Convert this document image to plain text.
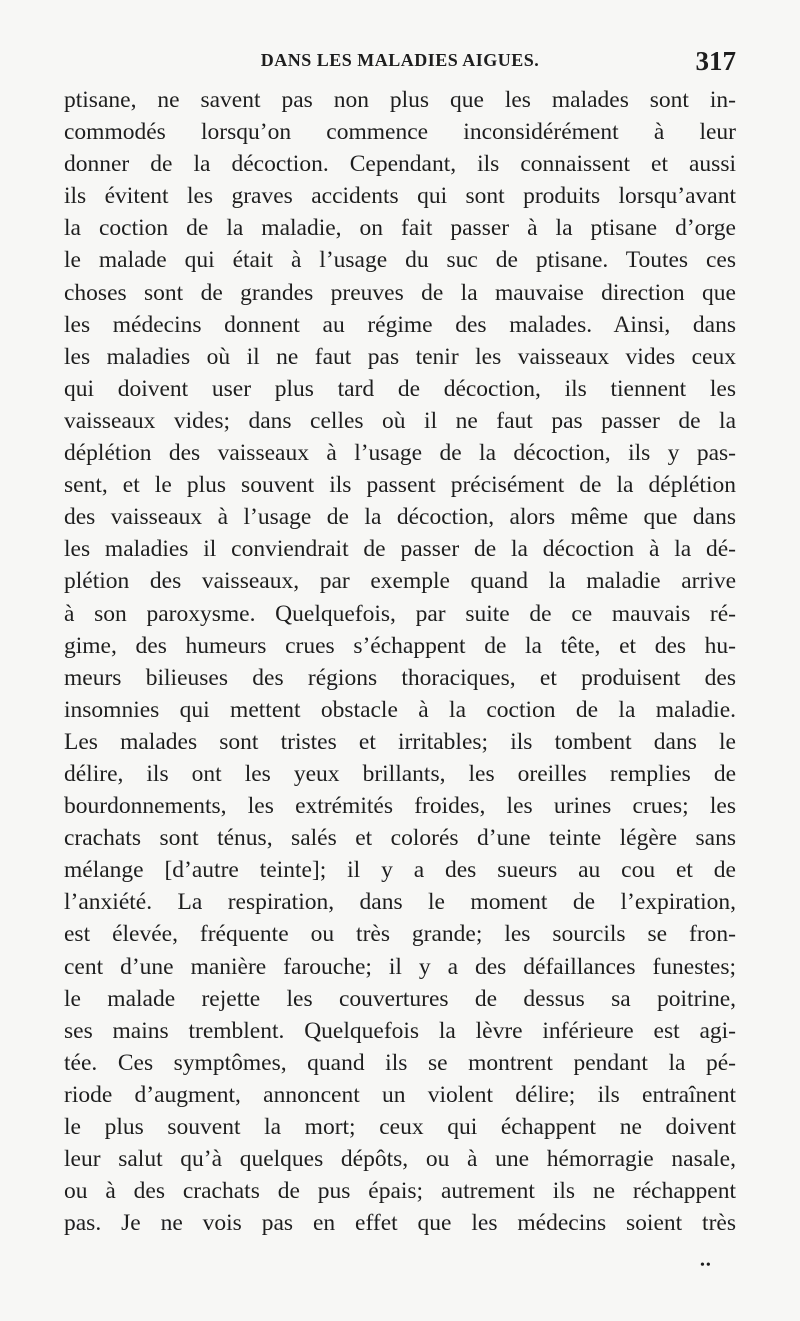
DANS LES MALADIES AIGUES.	317
ptisane, ne savent pas non plus que les malades sont in-
commodés lorsqu’on commence inconsidérément à leur
donner de la décoction. Cependant, ils connaissent et aussi
ils évitent les graves accidents qui sont produits lorsqu’avant
la coction de la maladie, on fait passer à la ptisane d’orge
le malade qui était à l’usage du suc de ptisane. Toutes ces
choses sont de grandes preuves de la mauvaise direction que
les médecins donnent au régime des malades. Ainsi, dans
les maladies où il ne faut pas tenir les vaisseaux vides ceux
qui doivent user plus tard de décoction, ils tiennent les
vaisseaux vides; dans celles où il ne faut pas passer de la
déplétion des vaisseaux à l’usage de la décoction, ils y pas-
sent, et le plus souvent ils passent précisément de la déplétion
des vaisseaux à l’usage de la décoction, alors même que dans
les maladies il conviendrait de passer de la décoction à la dé-
plétion des vaisseaux, par exemple quand la maladie arrive
à son paroxysme. Quelquefois, par suite de ce mauvais ré-
gime, des humeurs crues s’échappent de la tête, et des hu-
meurs bilieuses des régions thoraciques, et produisent des
insomnies qui mettent obstacle à la coction de la maladie.
Les malades sont tristes et irritables; ils tombent dans le
délire, ils ont les yeux brillants, les oreilles remplies de
bourdonnements, les extrémités froides, les urines crues; les
crachats sont ténus, salés et colorés d’une teinte légère sans
mélange [d’autre teinte]; il y a des sueurs au cou et de
l’anxiété. La respiration, dans le moment de l’expiration,
est élevée, fréquente ou très grande; les sourcils se fron-
cent d’une manière farouche; il y a des défaillances funestes;
le malade rejette les couvertures de dessus sa poitrine,
ses mains tremblent. Quelquefois la lèvre inférieure est agi-
tée. Ces symptômes, quand ils se montrent pendant la pé-
riode d’augment, annoncent un violent délire; ils entraînent
le plus souvent la mort; ceux qui échappent ne doivent
leur salut qu’à quelques dépôts, ou à une hémorragie nasale,
ou à des crachats de pus épais; autrement ils ne réchappent
pas. Je ne vois pas en effet que les médecins soient très
••
